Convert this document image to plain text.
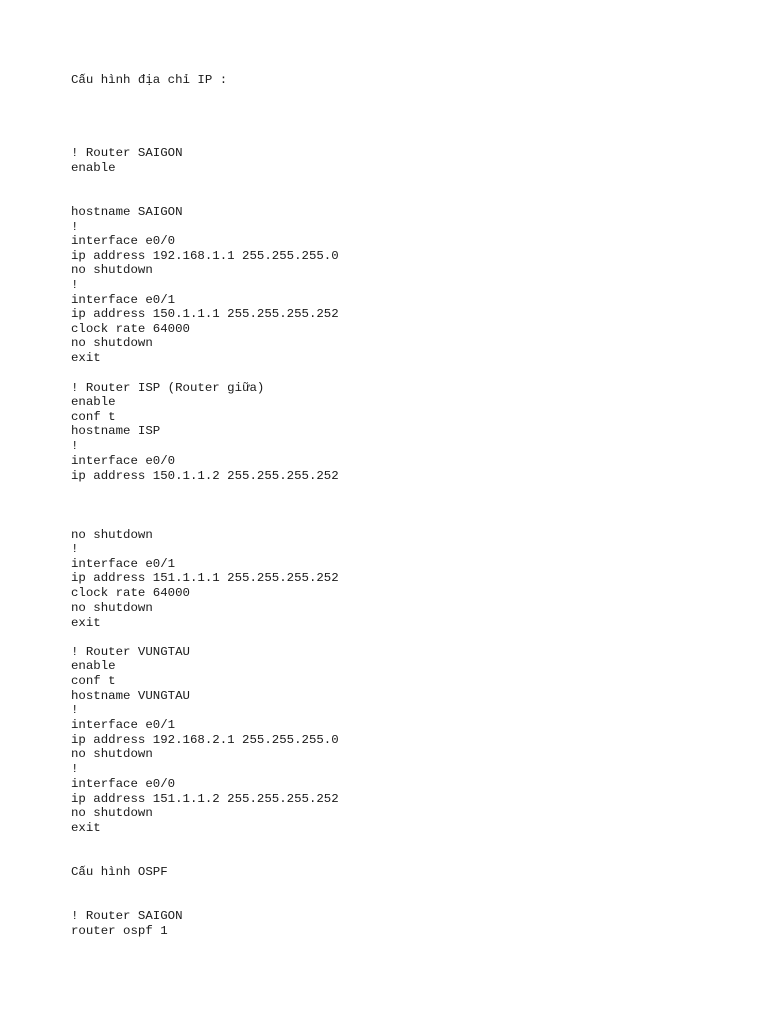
Cấu hình địa chỉ IP :
! Router SAIGON
enable
hostname SAIGON
!
interface e0/0
ip address 192.168.1.1 255.255.255.0
no shutdown
!
interface e0/1
ip address 150.1.1.1 255.255.255.252
clock rate 64000
no shutdown
exit
! Router ISP (Router giữa)
enable
conf t
hostname ISP
!
interface e0/0
ip address 150.1.1.2 255.255.255.252
no shutdown
!
interface e0/1
ip address 151.1.1.1 255.255.255.252
clock rate 64000
no shutdown
exit
! Router VUNGTAU
enable
conf t
hostname VUNGTAU
!
interface e0/1
ip address 192.168.2.1 255.255.255.0
no shutdown
!
interface e0/0
ip address 151.1.1.2 255.255.255.252
no shutdown
exit
Cấu hình OSPF
! Router SAIGON
router ospf 1
